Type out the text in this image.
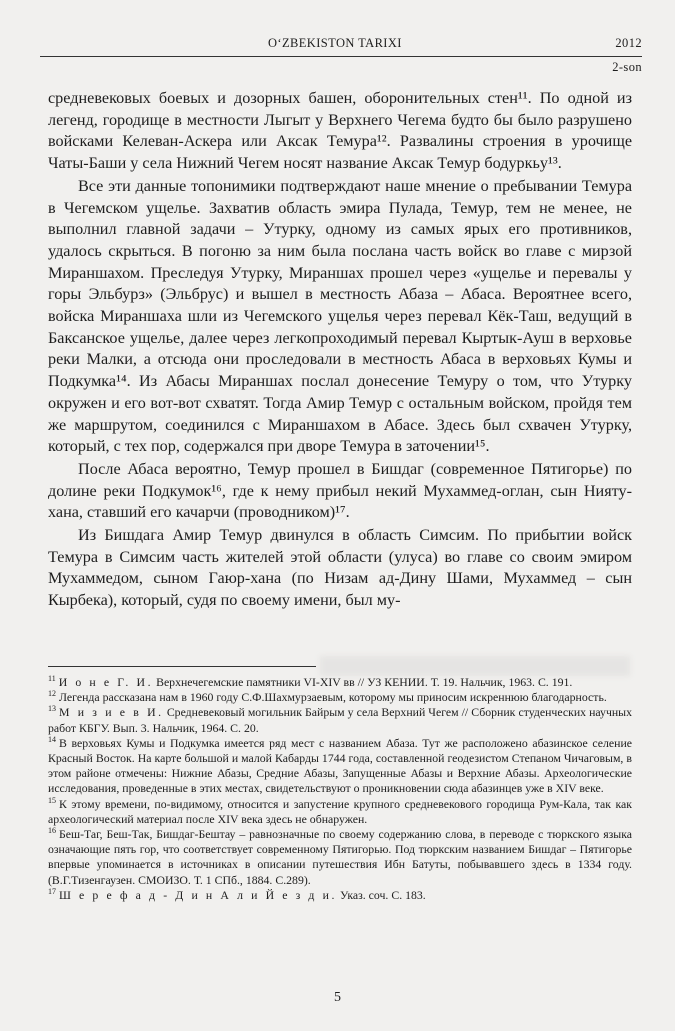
O‘ZBEKISTON TARIXI	2012
2-son

средневековых боевых и дозорных башен, оборонительных стен¹¹. По одной из легенд, городище в местности Лыгыт у Верхнего Чегема будто бы было разрушено войсками Келеван-Аскера или Аксак Темура¹². Развалины строения в урочище Чаты-Баши у села Нижний Чегем носят название Аксак Темур бодуркьу¹³.

Все эти данные топонимики подтверждают наше мнение о пребывании Темура в Чегемском ущелье. Захватив область эмира Пулада, Темур, тем не менее, не выполнил главной задачи – Утурку, одному из самых ярых его противников, удалось скрыться. В погоню за ним была послана часть войск во главе с мирзой Мираншахом. Преследуя Утурку, Мираншах прошел через «ущелье и перевалы у горы Эльбурз» (Эльбрус) и вышел в местность Абаза – Абаса. Вероятнее всего, войска Мираншаха шли из Чегемского ущелья через перевал Кёк-Таш, ведущий в Баксанское ущелье, далее через легкопроходимый перевал Кыртык-Ауш в верховье реки Малки, а отсюда они проследовали в местность Абаса в верховьях Кумы и Подкумка¹⁴. Из Абасы Мираншах послал донесение Темуру о том, что Утурку окружен и его вот-вот схватят. Тогда Амир Темур с остальным войском, пройдя тем же маршрутом, соединился с Мираншахом в Абасе. Здесь был схвачен Утурку, который, с тех пор, содержался при дворе Темура в заточении¹⁵.

После Абаса вероятно, Темур прошел в Бишдаг (современное Пятигорье) по долине реки Подкумок¹⁶, где к нему прибыл некий Мухаммед-оглан, сын Нияту-хана, ставший его качарчи (проводником)¹⁷.

Из Бишдага Амир Темур двинулся в область Симсим. По прибытии войск Темура в Симсим часть жителей этой области (улуса) во главе со своим эмиром Мухаммедом, сыном Гаюр-хана (по Низам ад-Дину Шами, Мухаммед – сын Кырбека), который, судя по своему имени, был му-

$^{11}$ И о н е Г. И. Верхнечегемские памятники VI-XIV вв // УЗ КЕНИИ. Т. 19. Нальчик, 1963. С. 191.

$^{12}$ Легенда рассказана нам в 1960 году С.Ф.Шахмурзаевым, которому мы приносим искреннюю благодарность.

$^{13}$ М и з и е в И. Средневековый могильник Байрым у села Верхний Чегем // Сборник студенческих научных работ КБГУ. Вып. 3. Нальчик, 1964. С. 20.

$^{14}$ В верховьях Кумы и Подкумка имеется ряд мест с названием Абаза. Тут же расположено абазинское селение Красный Восток. На карте большой и малой Кабарды 1744 года, составленной геодезистом Степаном Чичаговым, в этом районе отмечены: Нижние Абазы, Средние Абазы, Запущенные Абазы и Верхние Абазы. Археологические исследования, проведенные в этих местах, свидетельствуют о проникновении сюда абазинцев уже в XIV веке.

$^{15}$ К этому времени, по-видимому, относится и запустение крупного средневекового городища Рум-Кала, так как археологический материал после XIV века здесь не обнаружен.

$^{16}$ Беш-Таг, Беш-Так, Бишдаг-Бештау – равнозначные по своему содержанию слова, в переводе с тюркского языка означающие пять гор, что соответствует современному Пятигорью. Под тюркским названием Бишдаг – Пятигорье впервые упоминается в источниках в описании путешествия Ибн Батуты, побывавшего здесь в 1334 году. (В.Г.Тизенгаузен. СМОИЗО. Т. 1 СПб., 1884. С.289).

$^{17}$ Ш е р е ф а д - Д и н А л и Й е з д и. Указ. соч. С. 183.

5
